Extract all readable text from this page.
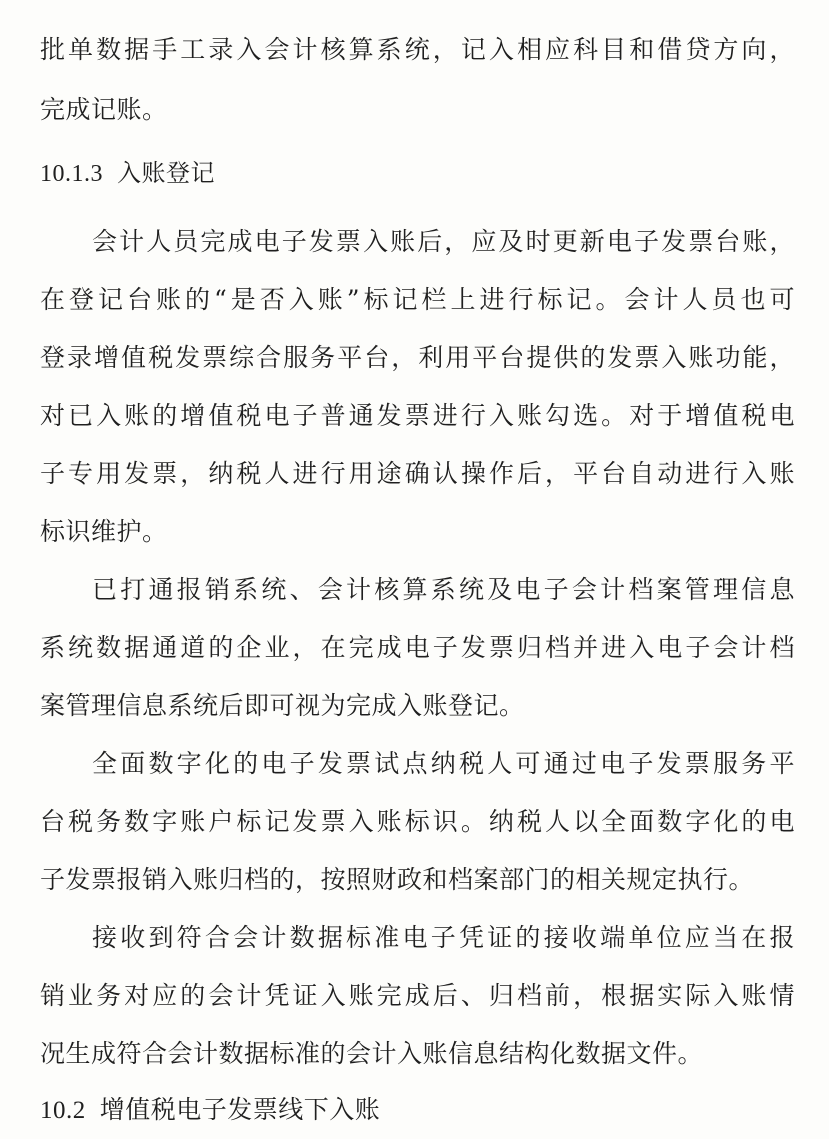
批单数据手工录入会计核算系统，记入相应科目和借贷方向，
完成记账。
10.1.3 入账登记
会计人员完成电子发票入账后，应及时更新电子发票台账，
在登记台账的“是否入账”标记栏上进行标记。会计人员也可
登录增值税发票综合服务平台，利用平台提供的发票入账功能，
对已入账的增值税电子普通发票进行入账勾选。对于增值税电
子专用发票，纳税人进行用途确认操作后，平台自动进行入账
标识维护。
已打通报销系统、会计核算系统及电子会计档案管理信息
系统数据通道的企业，在完成电子发票归档并进入电子会计档
案管理信息系统后即可视为完成入账登记。
全面数字化的电子发票试点纳税人可通过电子发票服务平
台税务数字账户标记发票入账标识。纳税人以全面数字化的电
子发票报销入账归档的，按照财政和档案部门的相关规定执行。
接收到符合会计数据标准电子凭证的接收端单位应当在报
销业务对应的会计凭证入账完成后、归档前，根据实际入账情
况生成符合会计数据标准的会计入账信息结构化数据文件。
10.2 增值税电子发票线下入账
